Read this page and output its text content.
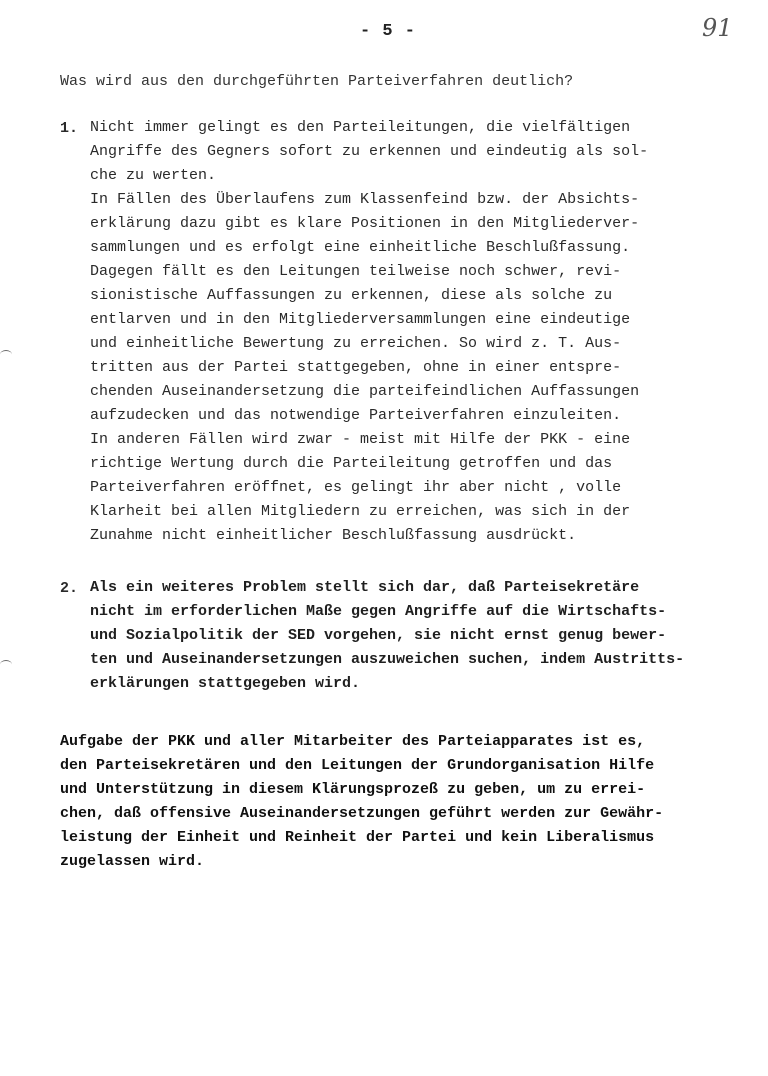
- 5 -	91
Was wird aus den durchgeführten Parteiverfahren deutlich?
1. Nicht immer gelingt es den Parteileitungen, die vielfältigen
Angriffe des Gegners sofort zu erkennen und eindeutig als sol-
che zu werten.
In Fällen des Überlaufens zum Klassenfeind bzw. der Absichts-
erklärung dazu gibt es klare Positionen in den Mitgliederver-
sammlungen und es erfolgt eine einheitliche Beschlußfassung.
Dagegen fällt es den Leitungen teilweise noch schwer, revi-
sionistische Auffassungen zu erkennen, diese als solche zu
entlarven und in den Mitgliederversammlungen eine eindeutige
und einheitliche Bewertung zu erreichen. So wird z. T. Aus-
tritten aus der Partei stattgegeben, ohne in einer entspre-
chenden Auseinandersetzung die parteifeindlichen Auffassungen
aufzudecken und das notwendige Parteiverfahren einzuleiten.
In anderen Fällen wird zwar - meist mit Hilfe der PKK - eine
richtige Wertung durch die Parteileitung getroffen und das
Parteiverfahren eröffnet, es gelingt ihr aber nicht , volle
Klarheit bei allen Mitgliedern zu erreichen, was sich in der
Zunahme nicht einheitlicher Beschlußfassung ausdrückt.
2. Als ein weiteres Problem stellt sich dar, daß Parteisekretäre
nicht im erforderlichen Maße gegen Angriffe auf die Wirtschafts-
und Sozialpolitik der SED vorgehen, sie nicht ernst genug bewer-
ten und Auseinandersetzungen auszuweichen suchen, indem Austritts-
erklärungen stattgegeben wird.
Aufgabe der PKK und aller Mitarbeiter des Parteiapparates ist es,
den Parteisekretären und den Leitungen der Grundorganisation Hilfe
und Unterstützung in diesem Klärungsprozeß zu geben, um zu errei-
chen, daß offensive Auseinandersetzungen geführt werden zur Gewähr-
leistung der Einheit und Reinheit der Partei und kein Liberalismus
zugelassen wird.
